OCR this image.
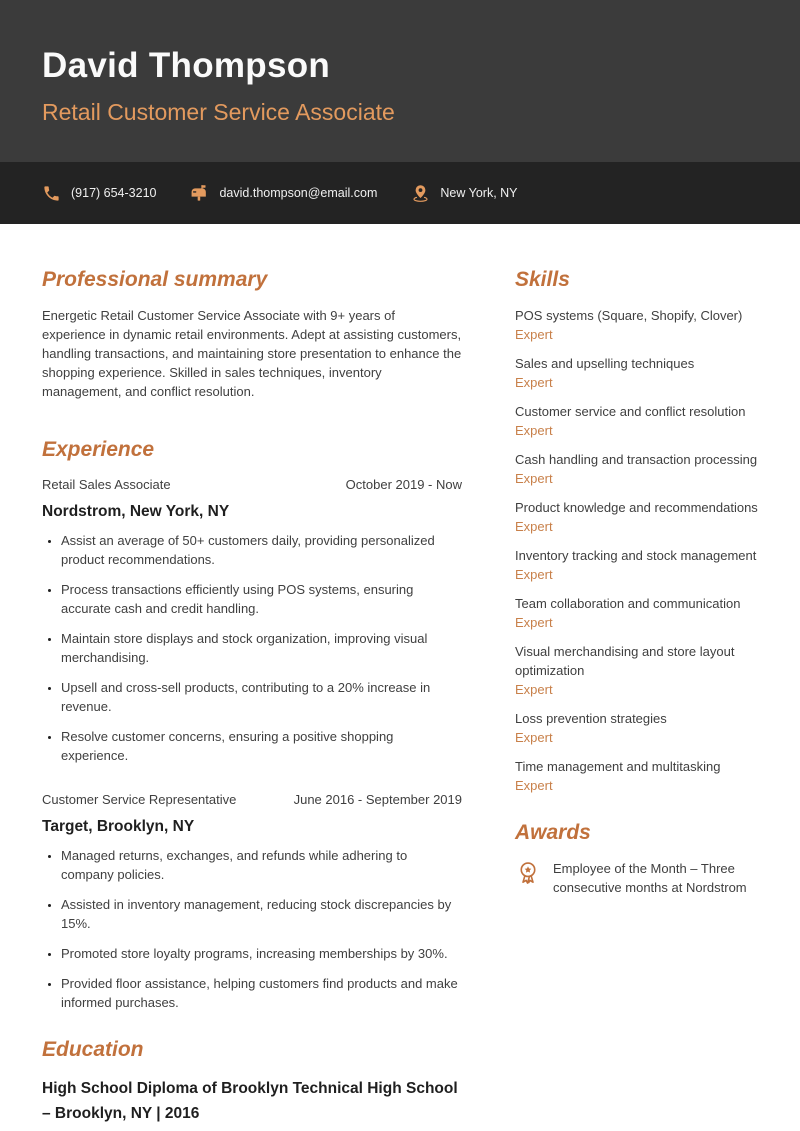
David Thompson

Retail Customer Service Associate

(917) 654-3210	david.thompson@email.com	New York, NY
Professional summary

Energetic Retail Customer Service Associate with 9+ years of experience in dynamic retail environments. Adept at assisting customers, handling transactions, and maintaining store presentation to enhance the shopping experience. Skilled in sales techniques, inventory management, and conflict resolution.

Experience
Retail Sales Associate	October 2019 - Now
Nordstrom, New York, NY
• Assist an average of 50+ customers daily, providing personalized product recommendations.
• Process transactions efficiently using POS systems, ensuring accurate cash and credit handling.
• Maintain store displays and stock organization, improving visual merchandising.
• Upsell and cross-sell products, contributing to a 20% increase in revenue.
• Resolve customer concerns, ensuring a positive shopping experience.
Customer Service Representative	June 2016 - September 2019
Target, Brooklyn, NY
• Managed returns, exchanges, and refunds while adhering to company policies.
• Assisted in inventory management, reducing stock discrepancies by 15%.
• Promoted store loyalty programs, increasing memberships by 30%.
• Provided floor assistance, helping customers find products and make informed purchases.
Education

High School Diploma of Brooklyn Technical High School – Brooklyn, NY | 2016

Skills
POS systems (Square, Shopify, Clover)
Expert
Sales and upselling techniques
Expert
Customer service and conflict resolution
Expert
Cash handling and transaction processing
Expert
Product knowledge and recommendations
Expert
Inventory tracking and stock management
Expert
Team collaboration and communication
Expert
Visual merchandising and store layout optimization
Expert
Loss prevention strategies
Expert
Time management and multitasking
Expert
Awards
Employee of the Month – Three consecutive months at Nordstrom
